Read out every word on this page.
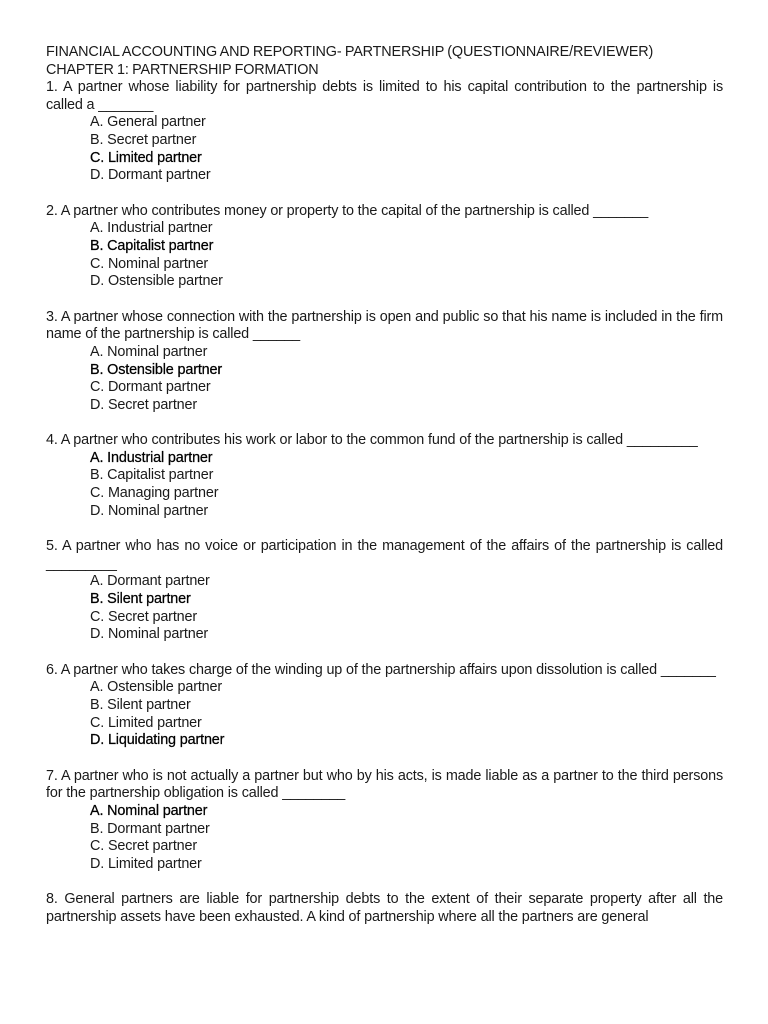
FINANCIAL ACCOUNTING AND REPORTING- PARTNERSHIP (QUESTIONNAIRE/REVIEWER)
CHAPTER 1: PARTNERSHIP FORMATION
1. A partner whose liability for partnership debts is limited to his capital contribution to the partnership is called a _______
A. General partner
B. Secret partner
C. Limited partner
D. Dormant partner
2. A partner who contributes money or property to the capital of the partnership is called _______
A. Industrial partner
B. Capitalist partner
C. Nominal partner
D. Ostensible partner
3. A partner whose connection with the partnership is open and public so that his name is included in the firm name of the partnership is called ______
A. Nominal partner
B. Ostensible partner
C. Dormant partner
D. Secret partner
4. A partner who contributes his work or labor to the common fund of the partnership is called _________
A. Industrial partner
B. Capitalist partner
C. Managing partner
D. Nominal partner
5. A partner who has no voice or participation in the management of the affairs of the partnership is called _________
A. Dormant partner
B. Silent partner
C. Secret partner
D. Nominal partner
6. A partner who takes charge of the winding up of the partnership affairs upon dissolution is called _______
A. Ostensible partner
B. Silent partner
C. Limited partner
D. Liquidating partner
7. A partner who is not actually a partner but who by his acts, is made liable as a partner to the third persons for the partnership obligation is called ________
A. Nominal partner
B. Dormant partner
C. Secret partner
D. Limited partner
8. General partners are liable for partnership debts to the extent of their separate property after all the partnership assets have been exhausted. A kind of partnership where all the partners are general
